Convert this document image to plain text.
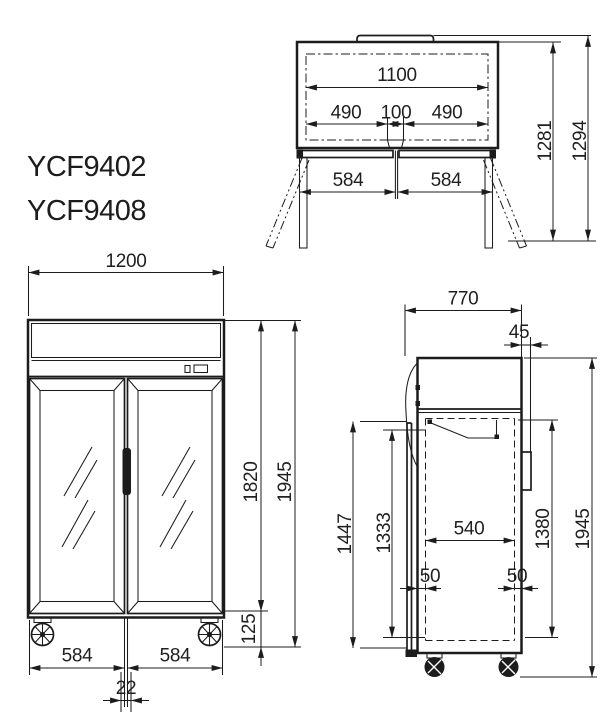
YCF9402
YCF9408
1100
490 100 490
584	584
1281 1294
1200
1820
125
1945
584	584
22
770
45
1447 1333	540
50	50
1380 1945
